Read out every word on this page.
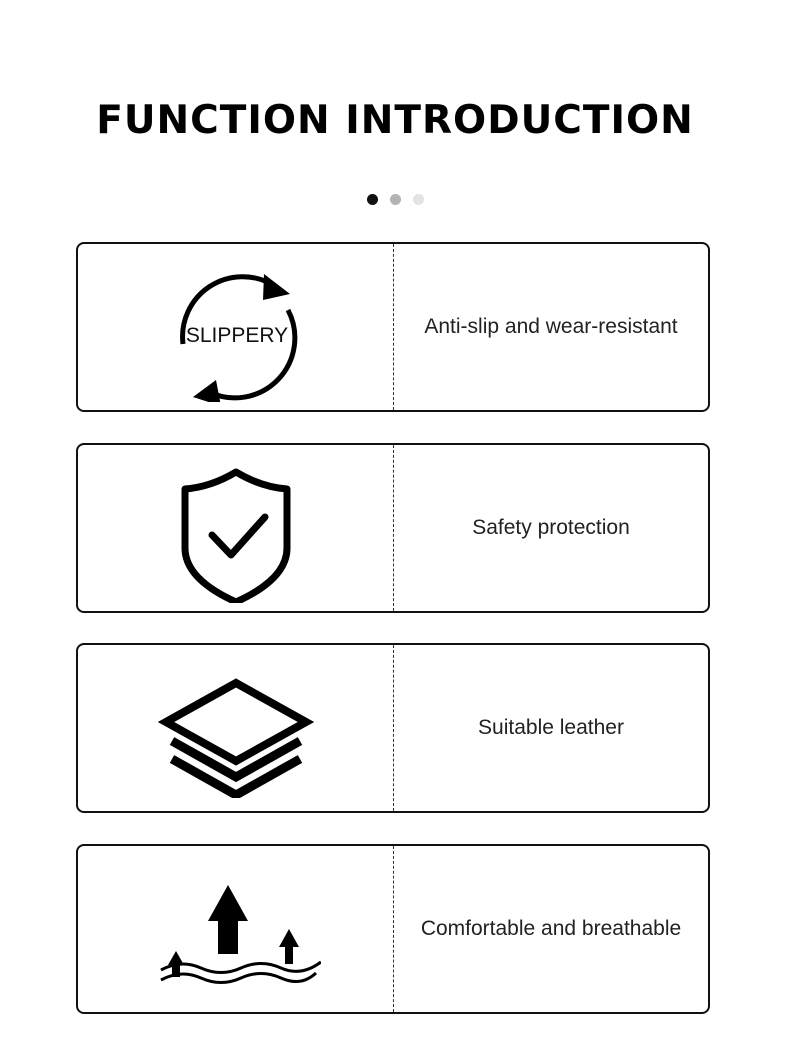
FUNCTION INTRODUCTION
SLIPPERY	Anti-slip and wear-resistant
Safety protection
Suitable leather
Comfortable and breathable
